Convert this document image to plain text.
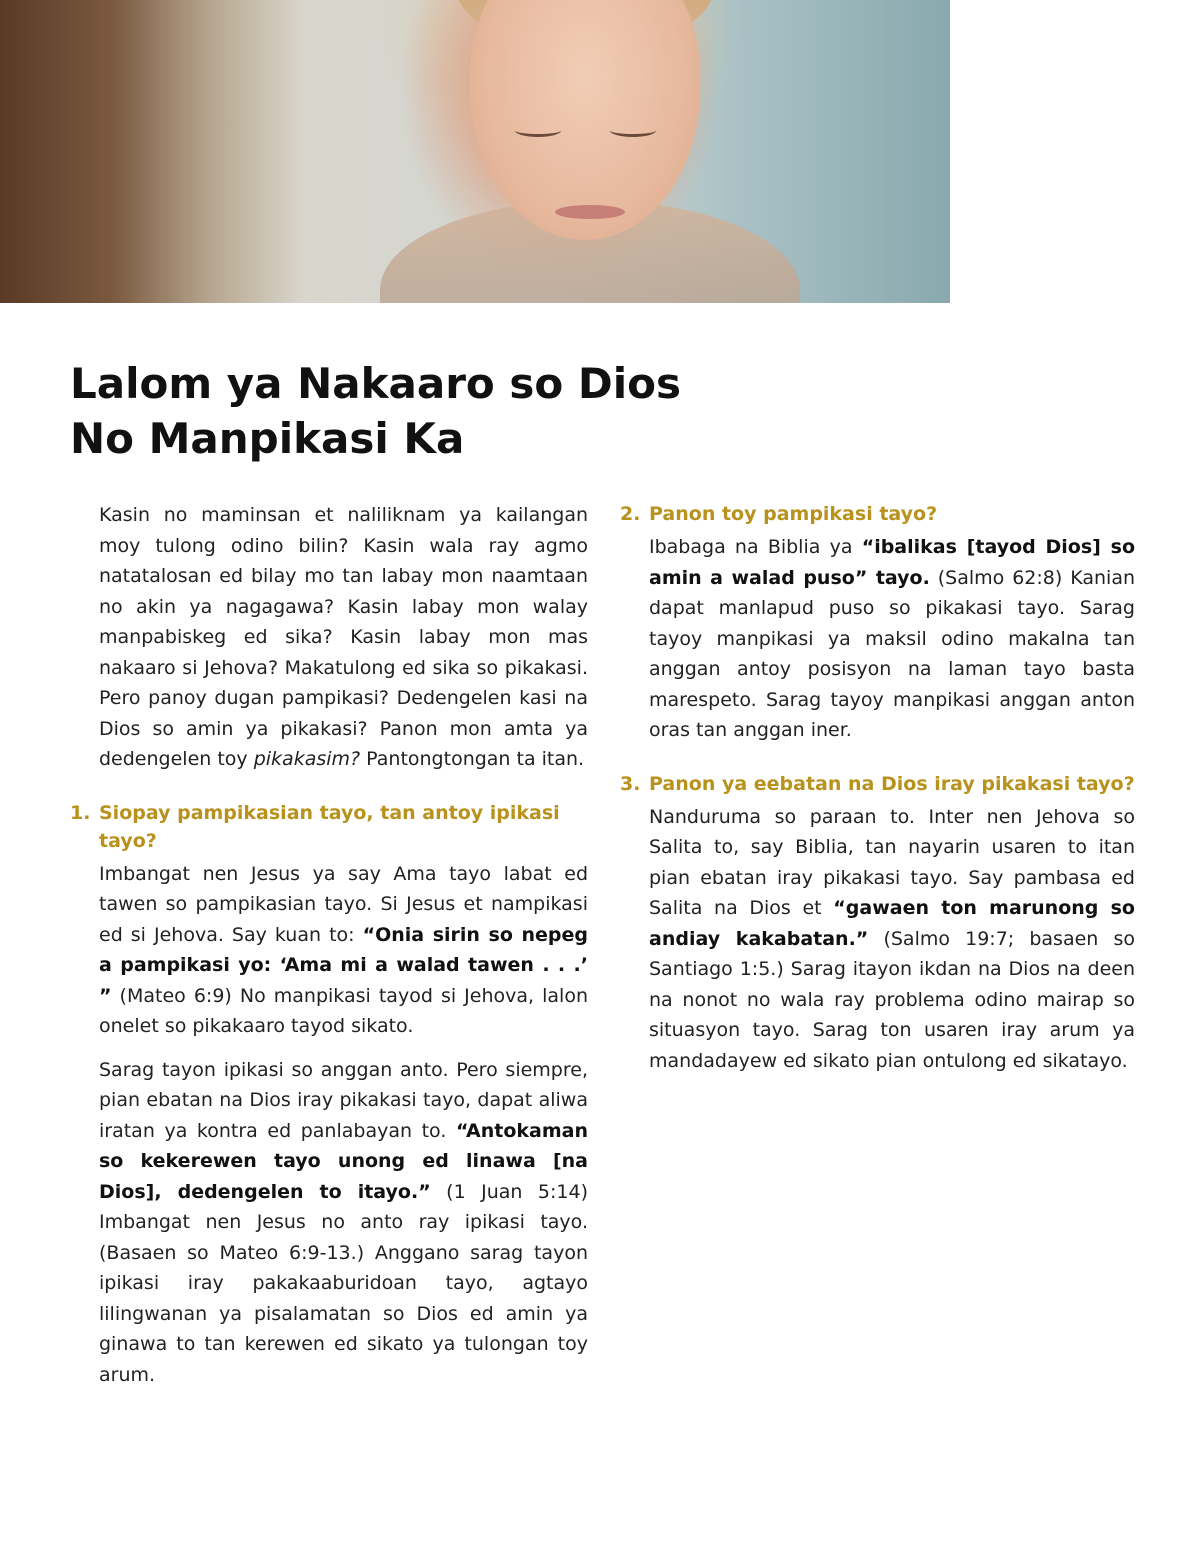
Lalom ya Nakaaro so Dios
No Manpikasi Ka

Kasin no maminsan et naliliknam ya kailangan moy tulong odino bilin? Kasin wala ray agmo natatalosan ed bilay mo tan labay mon naamtaan no akin ya nagagawa? Kasin labay mon walay manpabiskeg ed sika? Kasin labay mon mas nakaaro si Jehova? Makatulong ed sika so pikakasi. Pero panoy dugan pampikasi? Dedengelen kasi na Dios so amin ya pikakasi? Panon mon amta ya dedengelen toy pikakasim? Pantongtongan ta itan.

1. Siopay pampikasian tayo, tan antoy ipikasi tayo?

Imbangat nen Jesus ya say Ama tayo labat ed tawen so pampikasian tayo. Si Jesus et nampikasi ed si Jehova. Say kuan to: “Onia sirin so nepeg a pampikasi yo: ‘Ama mi a walad tawen . . .’ ” (Mateo 6:9) No manpikasi tayod si Jehova, lalon onelet so pikakaaro tayod sikato.

Sarag tayon ipikasi so anggan anto. Pero siempre, pian ebatan na Dios iray pikakasi tayo, dapat aliwa iratan ya kontra ed panlabayan to. “Antokaman so kekerewen tayo unong ed linawa [na Dios], dedengelen to itayo.” (1 Juan 5:14) Imbangat nen Jesus no anto ray ipikasi tayo. (Basaen so Mateo 6:9-13.) Anggano sarag tayon ipikasi iray pakakaaburidoan tayo, agtayo lilingwanan ya pisalamatan so Dios ed amin ya ginawa to tan kerewen ed sikato ya tulongan toy arum.

2. Panon toy pampikasi tayo?

Ibabaga na Biblia ya “ibalikas [tayod Dios] so amin a walad puso” tayo. (Salmo 62:8) Kanian dapat manlapud puso so pikakasi tayo. Sarag tayoy manpikasi ya maksil odino makalna tan anggan antoy posisyon na laman tayo basta marespeto. Sarag tayoy manpikasi anggan anton oras tan anggan iner.

3. Panon ya eebatan na Dios iray pikakasi tayo?

Nanduruma so paraan to. Inter nen Jehova so Salita to, say Biblia, tan nayarin usaren to itan pian ebatan iray pikakasi tayo. Say pambasa ed Salita na Dios et “gawaen ton marunong so andiay kakabatan.” (Salmo 19:7; basaen so Santiago 1:5.) Sarag itayon ikdan na Dios na deen na nonot no wala ray problema odino mairap so situasyon tayo. Sarag ton usaren iray arum ya mandadayew ed sikato pian ontulong ed sikatayo.
